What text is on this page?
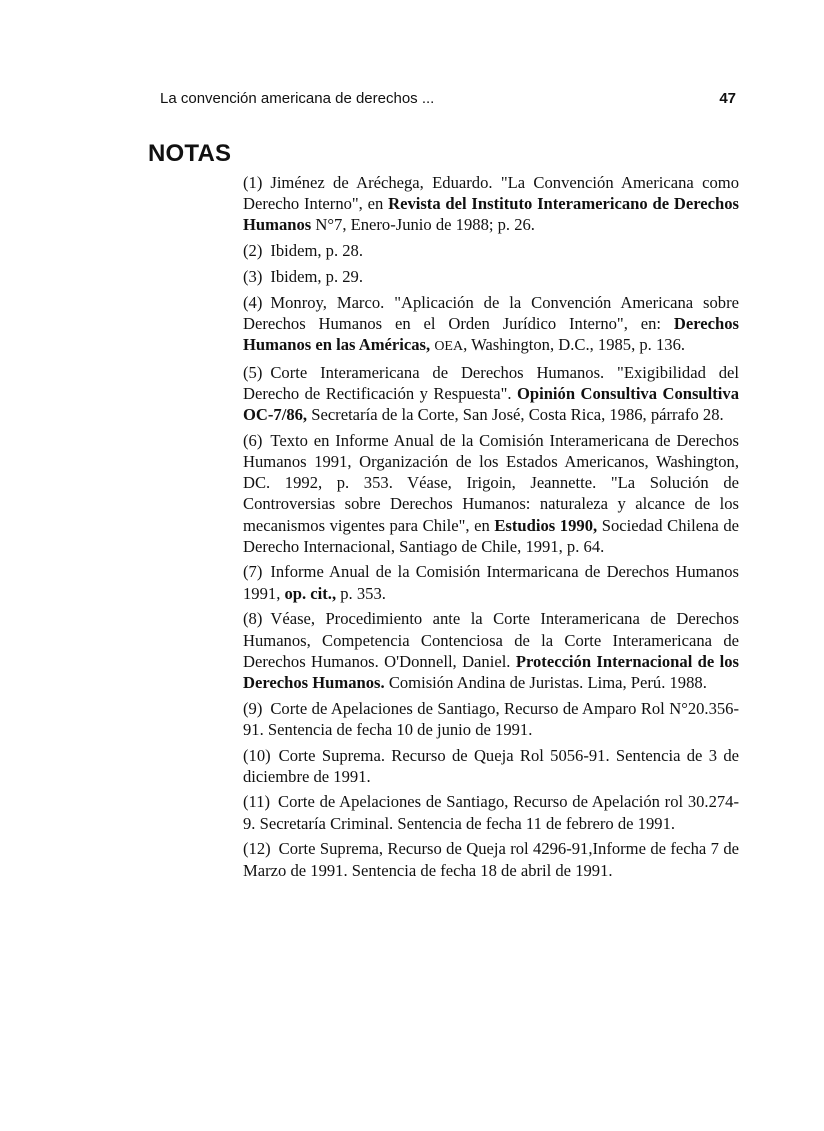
La convención americana de derechos ...	47
NOTAS

(1) Jiménez de Aréchega, Eduardo. "La Convención Americana como Derecho Interno", en Revista del Instituto Interamericano de Derechos Humanos N°7, Enero-Junio de 1988; p. 26.

(2) Ibidem, p. 28.

(3) Ibidem, p. 29.

(4) Monroy, Marco. "Aplicación de la Convención Americana sobre Derechos Humanos en el Orden Jurídico Interno", en: Derechos Humanos en las Américas, OEA, Washington, D.C., 1985, p. 136.

(5) Corte Interamericana de Derechos Humanos. "Exigibilidad del Derecho de Rectificación y Respuesta". Opinión Consultiva Consultiva OC-7/86, Secretaría de la Corte, San José, Costa Rica, 1986, párrafo 28.

(6) Texto en Informe Anual de la Comisión Interamericana de Derechos Humanos 1991, Organización de los Estados Americanos, Washington, DC. 1992, p. 353. Véase, Irigoin, Jeannette. "La Solución de Controversias sobre Derechos Humanos: naturaleza y alcance de los mecanismos vigentes para Chile", en Estudios 1990, Sociedad Chilena de Derecho Internacional, Santiago de Chile, 1991, p. 64.

(7) Informe Anual de la Comisión Intermaricana de Derechos Humanos 1991, op. cit., p. 353.

(8) Véase, Procedimiento ante la Corte Interamericana de Derechos Humanos, Competencia Contenciosa de la Corte Interamericana de Derechos Humanos. O'Donnell, Daniel. Protección Internacional de los Derechos Humanos. Comisión Andina de Juristas. Lima, Perú. 1988.

(9) Corte de Apelaciones de Santiago, Recurso de Amparo Rol N°20.356-91. Sentencia de fecha 10 de junio de 1991.

(10) Corte Suprema. Recurso de Queja Rol 5056-91. Sentencia de 3 de diciembre de 1991.

(11) Corte de Apelaciones de Santiago, Recurso de Apelación rol 30.274-9. Secretaría Criminal. Sentencia de fecha 11 de febrero de 1991.

(12) Corte Suprema, Recurso de Queja rol 4296-91,Informe de fecha 7 de Marzo de 1991. Sentencia de fecha 18 de abril de 1991.
